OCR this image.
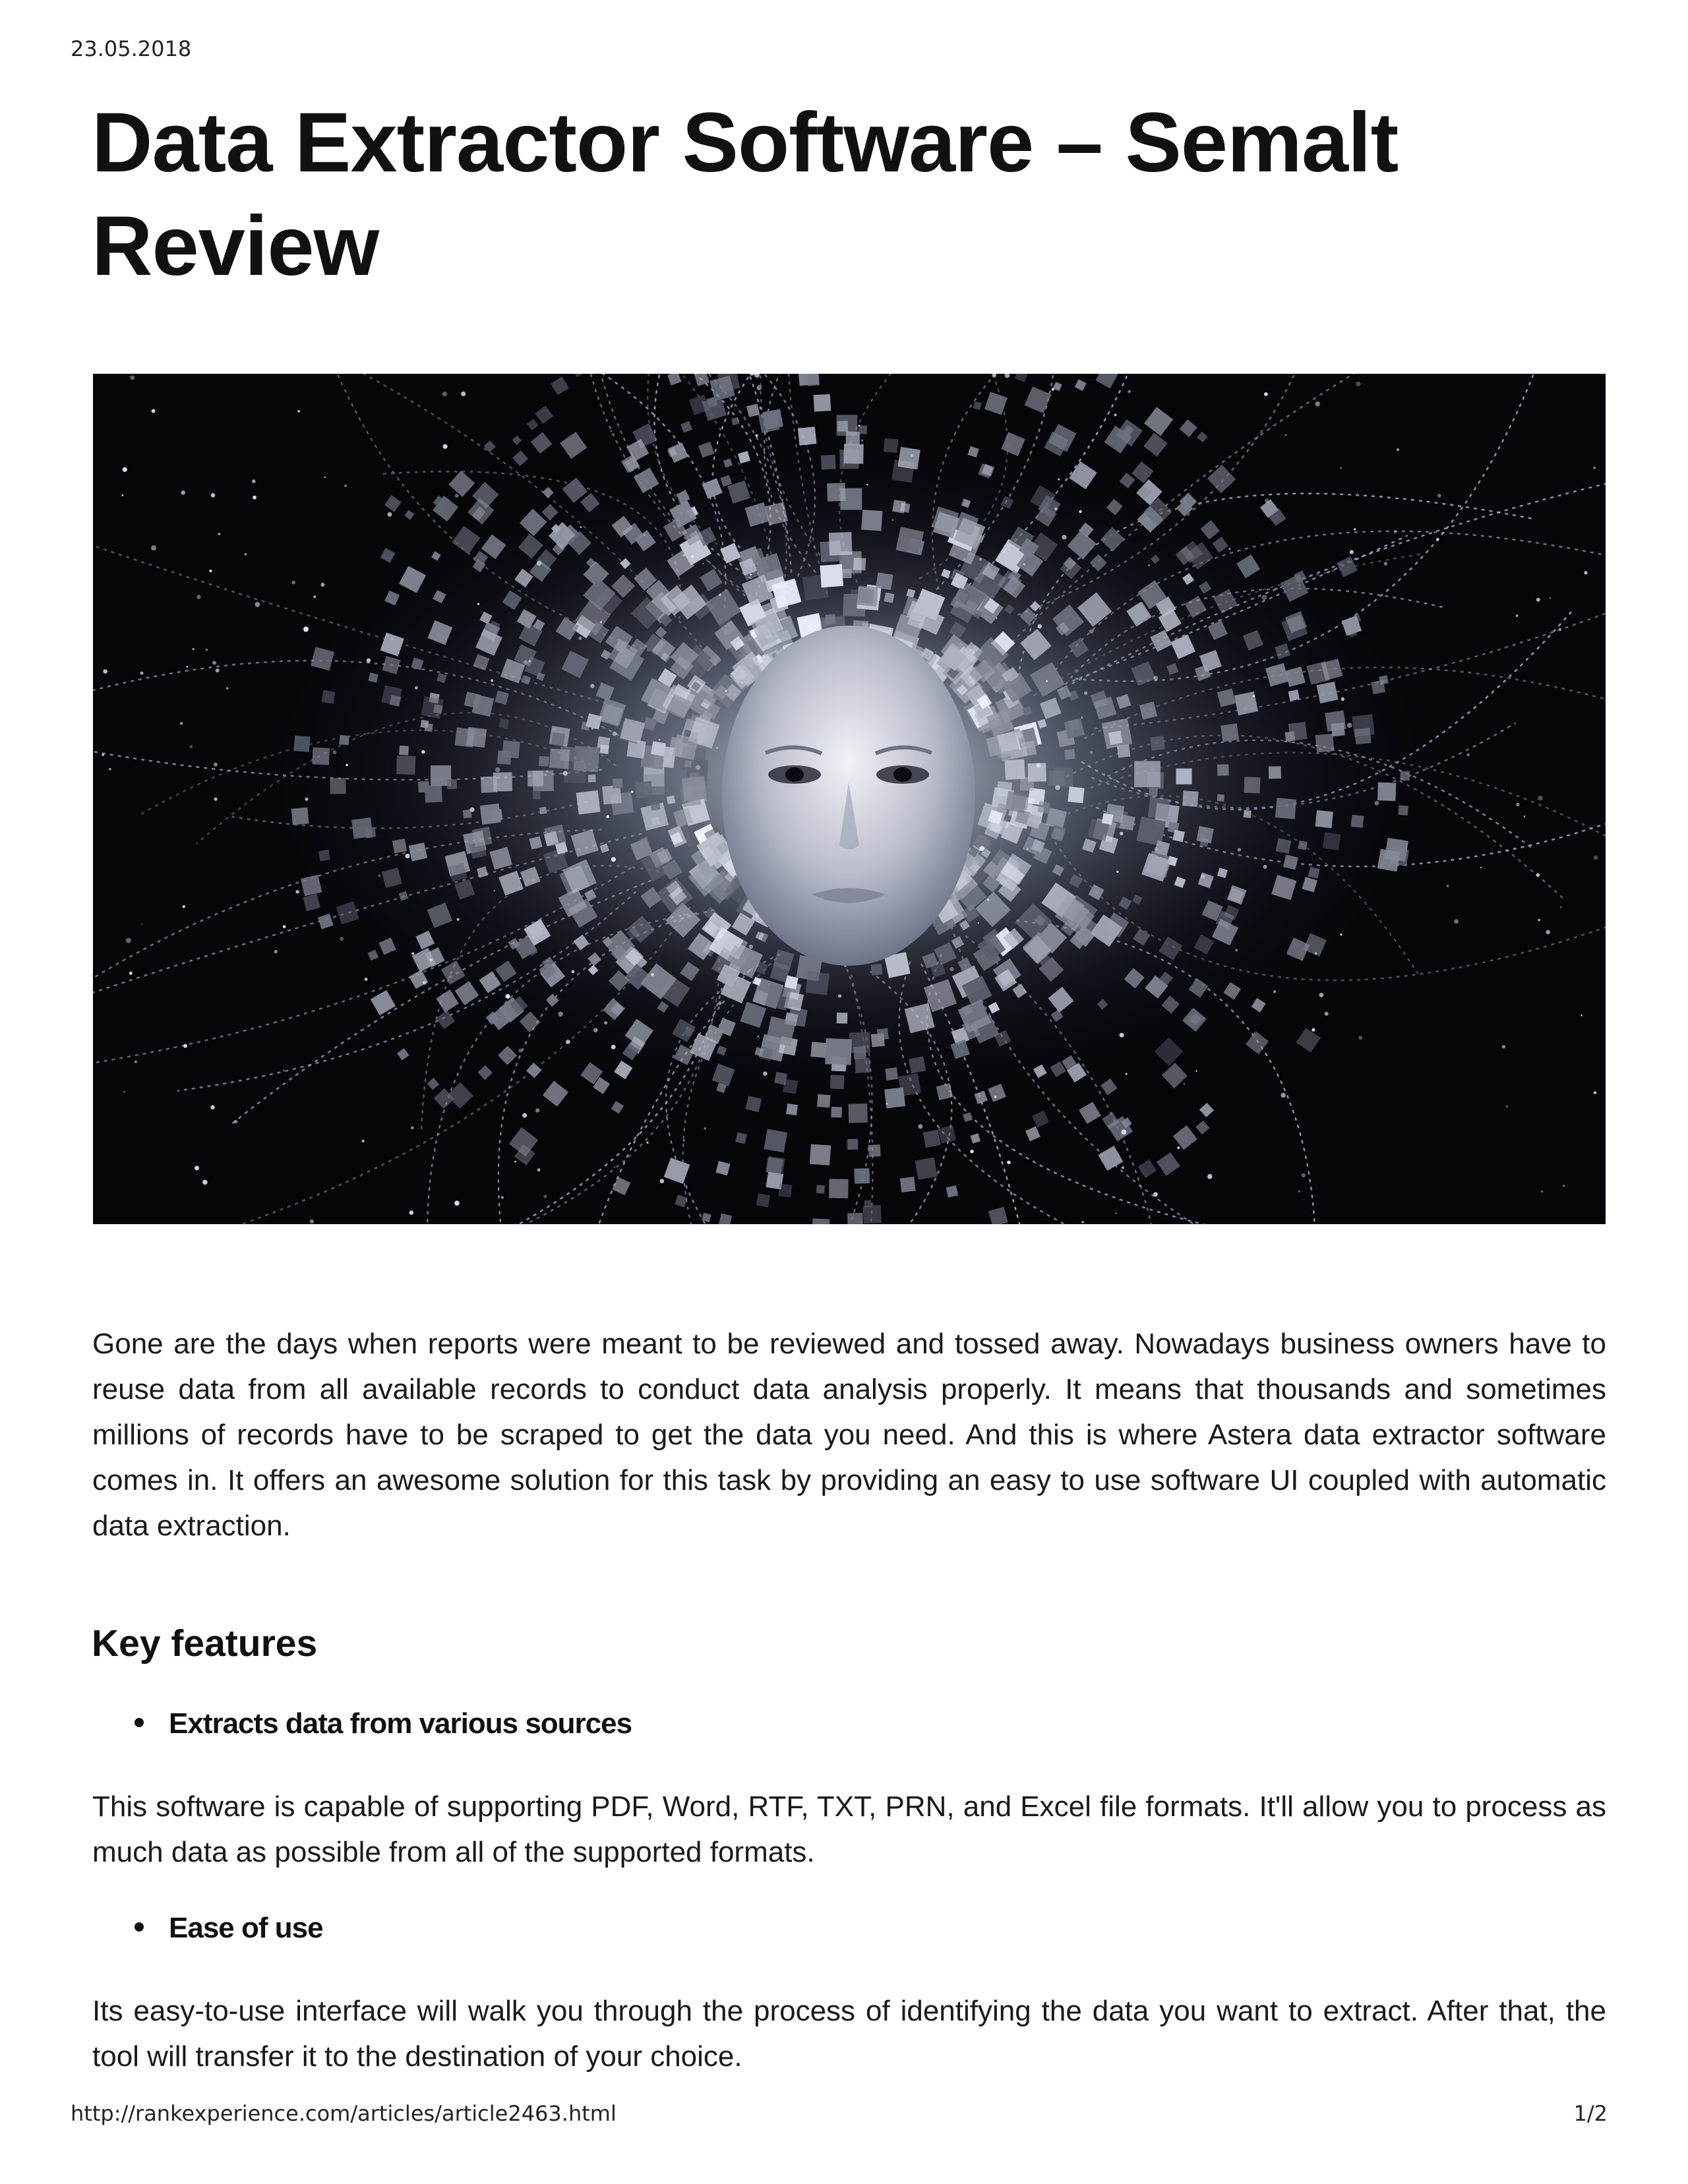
23.05.2018
Data Extractor Software – Semalt Review

Gone are the days when reports were meant to be reviewed and tossed away. Nowadays business owners have to reuse data from all available records to conduct data analysis properly. It means that thousands and sometimes millions of records have to be scraped to get the data you need. And this is where Astera data extractor software comes in. It offers an awesome solution for this task by providing an easy to use software UI coupled with automatic data extraction.

Key features

Extracts data from various sources

This software is capable of supporting PDF, Word, RTF, TXT, PRN, and Excel file formats. It'll allow you to process as much data as possible from all of the supported formats.

Ease of use

Its easy-to-use interface will walk you through the process of identifying the data you want to extract. After that, the tool will transfer it to the destination of your choice.

http://rankexperience.com/articles/article2463.html	1/2
